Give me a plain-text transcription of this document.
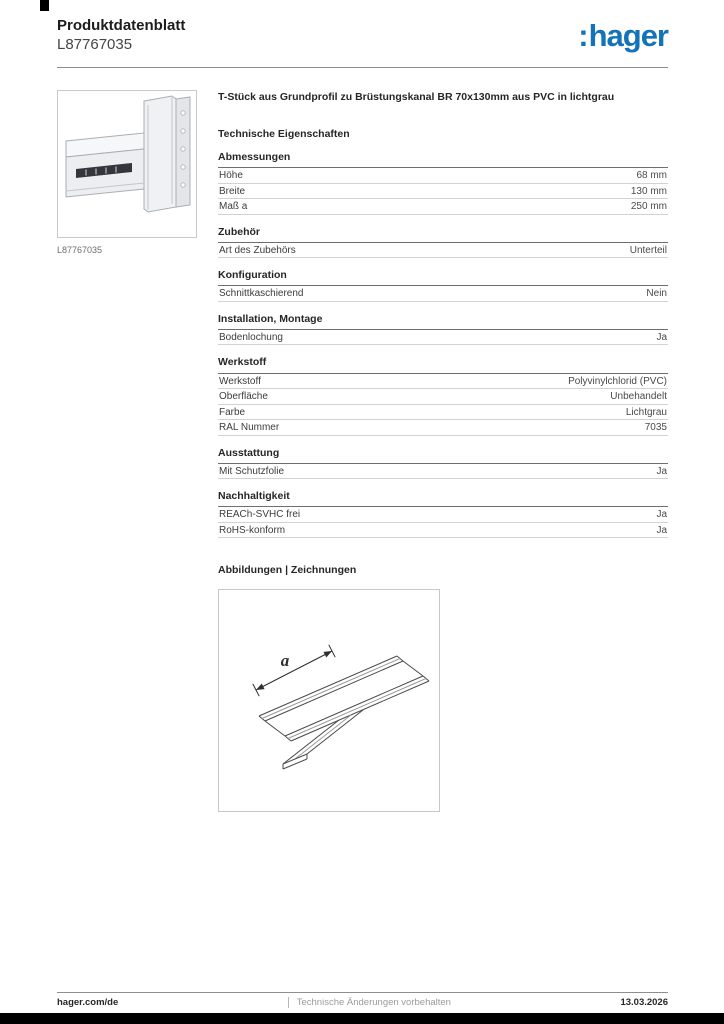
Produktdatenblatt
L87767035	:hager
L87767035
T-Stück aus Grundprofil zu Brüstungskanal BR 70x130mm aus PVC in lichtgrau
Technische Eigenschaften
Abmessungen
Höhe	68 mm
Breite	130 mm
Maß a	250 mm
Zubehör
Art des Zubehörs	Unterteil
Konfiguration
Schnittkaschierend	Nein
Installation, Montage
Bodenlochung	Ja
Werkstoff
Werkstoff	Polyvinylchlorid (PVC)
Oberfläche	Unbehandelt
Farbe	Lichtgrau
RAL Nummer	7035
Ausstattung
Mit Schutzfolie	Ja
Nachhaltigkeit
REACh-SVHC frei	Ja
RoHS-konform	Ja
Abbildungen | Zeichnungen
a
hager.com/de	Technische Änderungen vorbehalten	13.03.2026
